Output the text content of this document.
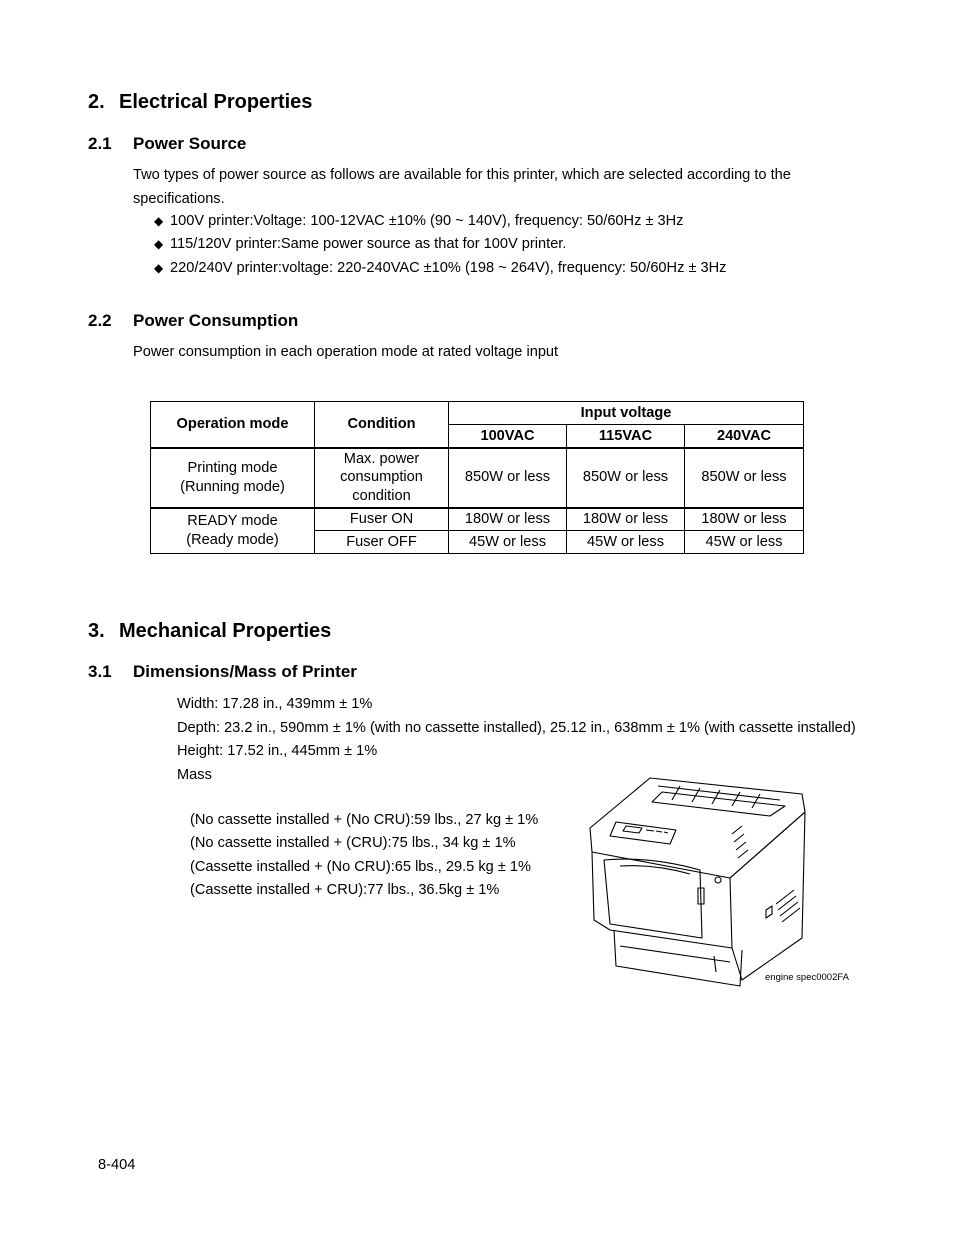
2. Electrical Properties
2.1 Power Source
Two types of power source as follows are available for this printer, which are selected according to the specifications.
◆ 100V printer:Voltage: 100-12VAC ±10% (90 ~ 140V), frequency: 50/60Hz ± 3Hz
◆ 115/120V printer:Same power source as that for 100V printer.
◆ 220/240V printer:voltage: 220-240VAC ±10% (198 ~ 264V), frequency: 50/60Hz ± 3Hz
2.2 Power Consumption
Power consumption in each operation mode at rated voltage input
Operation mode	Condition	Input voltage		
		100VAC	115VAC	240VAC
Printing mode (Running mode)	Max. power consumption condition	850W or less	850W or less	850W or less
READY mode (Ready mode)	Fuser ON	180W or less	180W or less	180W or less
	Fuser OFF	45W or less	45W or less	45W or less
3. Mechanical Properties
3.1 Dimensions/Mass of Printer
Width: 17.28 in., 439mm ± 1%
Depth: 23.2 in., 590mm ± 1% (with no cassette installed), 25.12 in., 638mm ± 1% (with cassette installed)
Height: 17.52 in., 445mm ± 1%
Mass
(No cassette installed + (No CRU):59 lbs., 27 kg ± 1%
(No cassette installed + (CRU):75 lbs., 34 kg ± 1%
(Cassette installed + (No CRU):65 lbs., 29.5 kg ± 1%
(Cassette installed + CRU):77 lbs., 36.5kg ± 1%
engine spec0002FA
8-404
